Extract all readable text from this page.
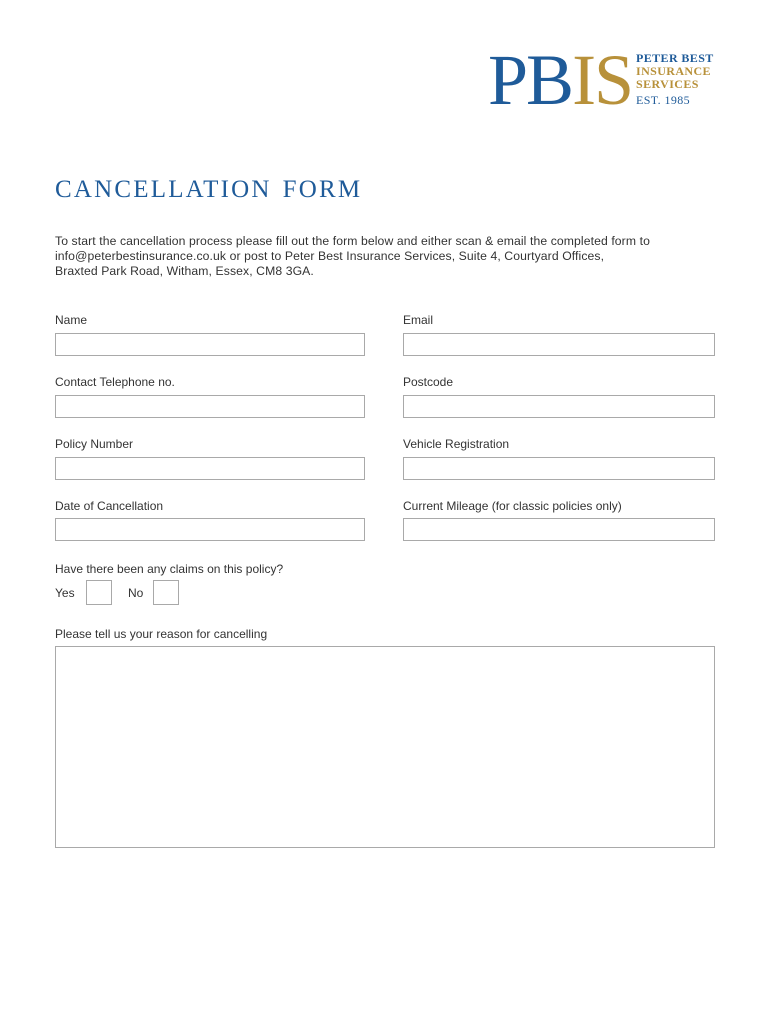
PBIS PETER BEST
INSURANCE
SERVICES
EST. 1985
cancellation form
To start the cancellation process please fill out the form below and either scan & email the completed form to
info@peterbestinsurance.co.uk or post to Peter Best Insurance Services, Suite 4, Courtyard Offices,
Braxted Park Road, Witham, Essex, CM8 3GA.
Name	Email
Contact Telephone no.	Postcode
Policy Number	Vehicle Registration
Date of Cancellation	Current Mileage (for classic policies only)
Have there been any claims on this policy?
Yes	No
Please tell us your reason for cancelling
